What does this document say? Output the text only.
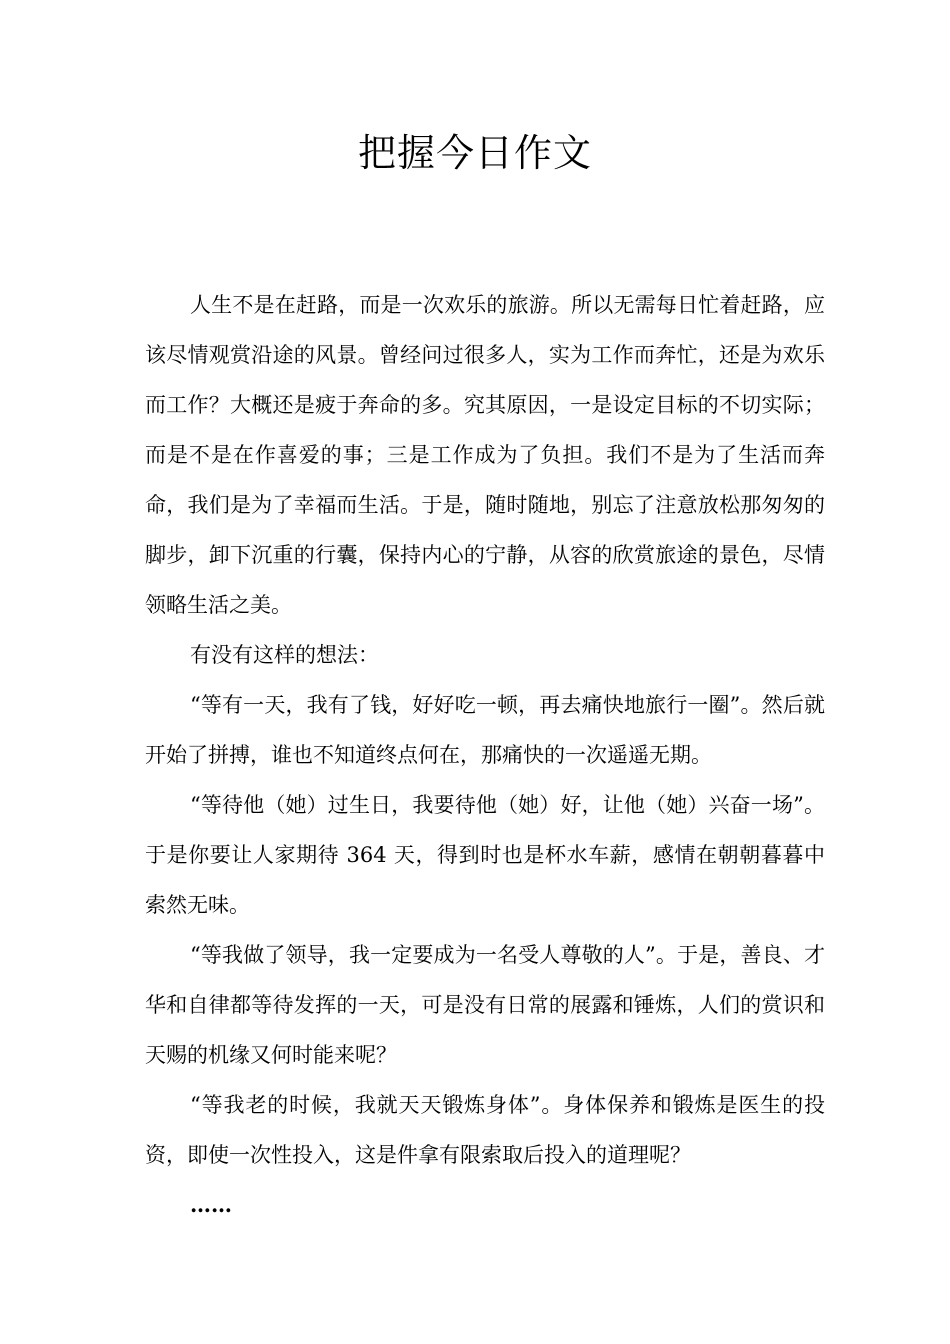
把握今日作文

人生不是在赶路，而是一次欢乐的旅游。所以无需每日忙着赶路，应该尽情观赏沿途的风景。曾经问过很多人，实为工作而奔忙，还是为欢乐而工作？大概还是疲于奔命的多。究其原因，一是设定目标的不切实际；而是不是在作喜爱的事；三是工作成为了负担。我们不是为了生活而奔命，我们是为了幸福而生活。于是，随时随地，别忘了注意放松那匆匆的脚步，卸下沉重的行囊，保持内心的宁静，从容的欣赏旅途的景色，尽情领略生活之美。

有没有这样的想法：

“等有一天，我有了钱，好好吃一顿，再去痛快地旅行一圈”。然后就开始了拼搏，谁也不知道终点何在，那痛快的一次遥遥无期。

“等待他（她）过生日，我要待他（她）好，让他（她）兴奋一场”。于是你要让人家期待 364 天，得到时也是杯水车薪，感情在朝朝暮暮中索然无味。

“等我做了领导，我一定要成为一名受人尊敬的人”。于是，善良、才华和自律都等待发挥的一天，可是没有日常的展露和锤炼，人们的赏识和天赐的机缘又何时能来呢？

“等我老的时候，我就天天锻炼身体”。身体保养和锻炼是医生的投资，即使一次性投入，这是件拿有限索取后投入的道理呢？

……
